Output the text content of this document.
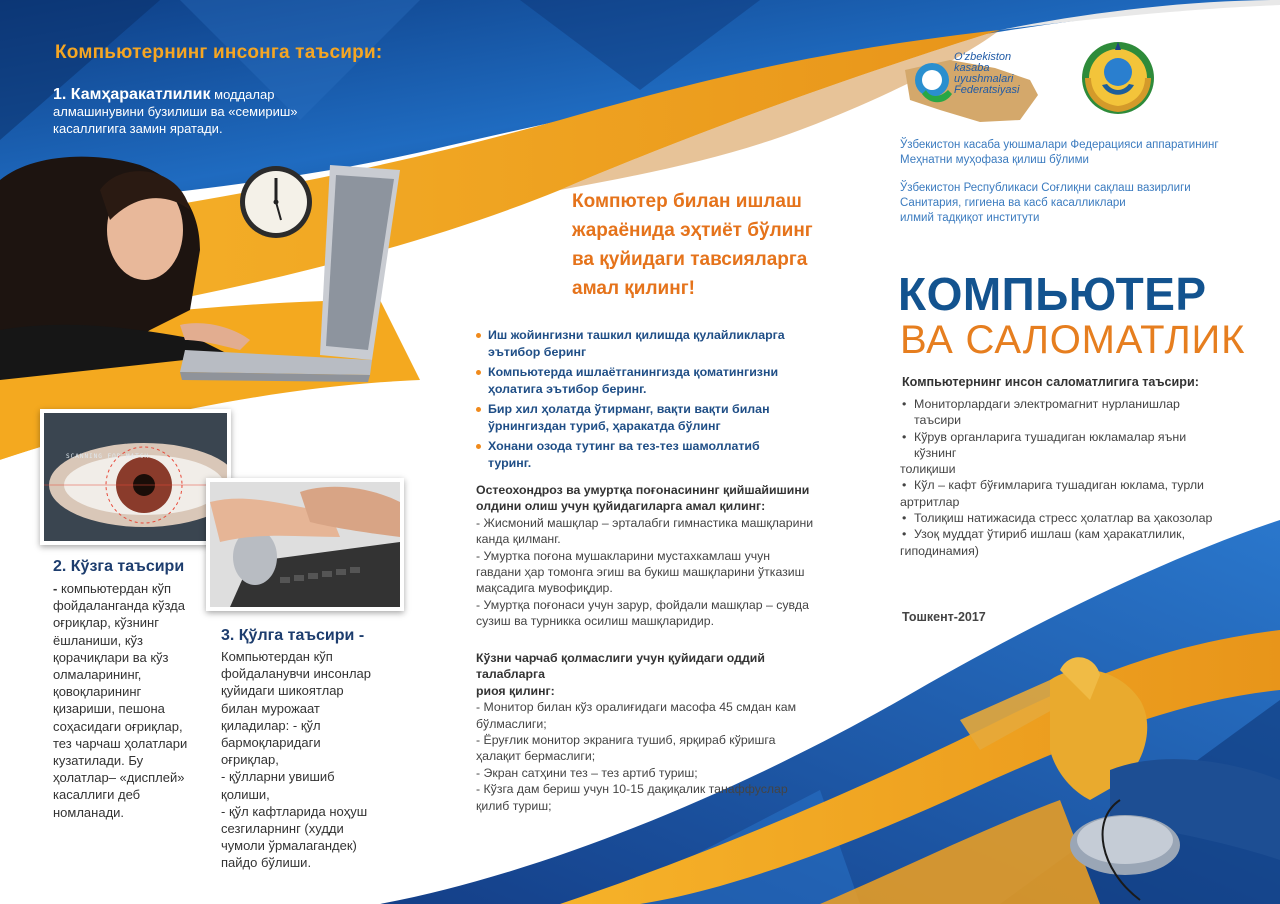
Компьютернинг инсонга таъсири:
1. Камҳаракатлилик моддалар алмашинувини бузилиши ва «семириш» касаллигига замин яратади.
SCANNING FOR MATCH
2. Кўзга таъсири
- компьютердан кўп
фойдаланганда кўзда
оғриқлар, кўзнинг
ёшланиши, кўз
қорачиқлари ва кўз
олмаларининг,
қовоқларининг
қизариши, пешона
соҳасидаги оғриқлар,
тез чарчаш ҳолатлари
кузатилади. Бу
ҳолатлар– «дисплей»
касаллиги деб
номланади.
3. Қўлга таъсири -
Компьютердан кўп
фойдаланувчи инсонлар
қуйидаги шикоятлар
билан мурожаат
қиладилар: - қўл
бармоқларидаги
оғриқлар,
- қўлларни увишиб
қолиши,
- қўл кафтларида ноҳуш
сезгиларнинг (худди
чумоли ўрмалагандек)
пайдо бўлиши.
Компютер билан ишлаш
жараёнида эҳтиёт бўлинг
ва қуйидаги тавсияларга
амал қилинг!
Иш жойингизни ташкил қилишда қулайликларга
эътибор беринг
Компьютерда ишлаётганингизда қоматингизни
ҳолатига эътибор беринг.
Бир хил ҳолатда ўтирманг, вақти вақти билан
ўрнингиздан туриб, ҳаракатда бўлинг
Хонани озода тутинг ва тез-тез шамоллатиб туринг.
Остеохондроз ва умуртқа поғонасининг қийшайишини
олдини олиш учун қуйидагиларга амал қилинг:
- Жисмоний машқлар – эрталабги гимнастика машқларини
канда қилманг.
- Умуртка поғона мушакларини мустахкамлаш учун
гавдани ҳар томонга эгиш ва букиш машқларини ўтказиш
мақсадига мувофиқдир.
- Умуртқа поғонаси учун зарур, фойдали машқлар – сувда
сузиш ва турникка осилиш машқларидир.
Кўзни чарчаб қолмаслиги учун қуйидаги оддий талабларга
риоя қилинг:
- Монитор билан кўз оралиғидаги масофа 45 смдан кам
бўлмаслиги;
- Ёруғлик монитор экранига тушиб, ярқираб кўришга
ҳалақит бермаслиги;
- Экран сатҳини тез – тез артиб туриш;
- Кўзга дам бериш учун 10-15 дақиқалик танаффуслар
қилиб туриш;
O'zbekiston
kasaba
uyushmalari
Federatsiyasi
Ўзбекистон касаба уюшмалари Федерацияси аппаратининг
Меҳнатни муҳофаза қилиш бўлими
Ўзбекистон Республикаси Соғлиқни сақлаш вазирлиги
Санитария, гигиена ва касб касалликлари
илмий тадқиқот институти
КОМПЬЮТЕР
ВА САЛОМАТЛИК
Компьютернинг инсон саломатлигига таъсири:
• Мониторлардаги электромагнит нурланишлар таъсири
• Кўрув органларига тушадиган юкламалар яъни кўзнинг
толиқиши
• Кўл – кафт бўғимларига тушадиган юклама, турли
артритлар
• Толиқиш натижасида стресс ҳолатлар ва ҳакозолар
• Узоқ муддат ўтириб ишлаш (кам ҳаракатлилик,
гиподинамия)
Тошкент-2017
